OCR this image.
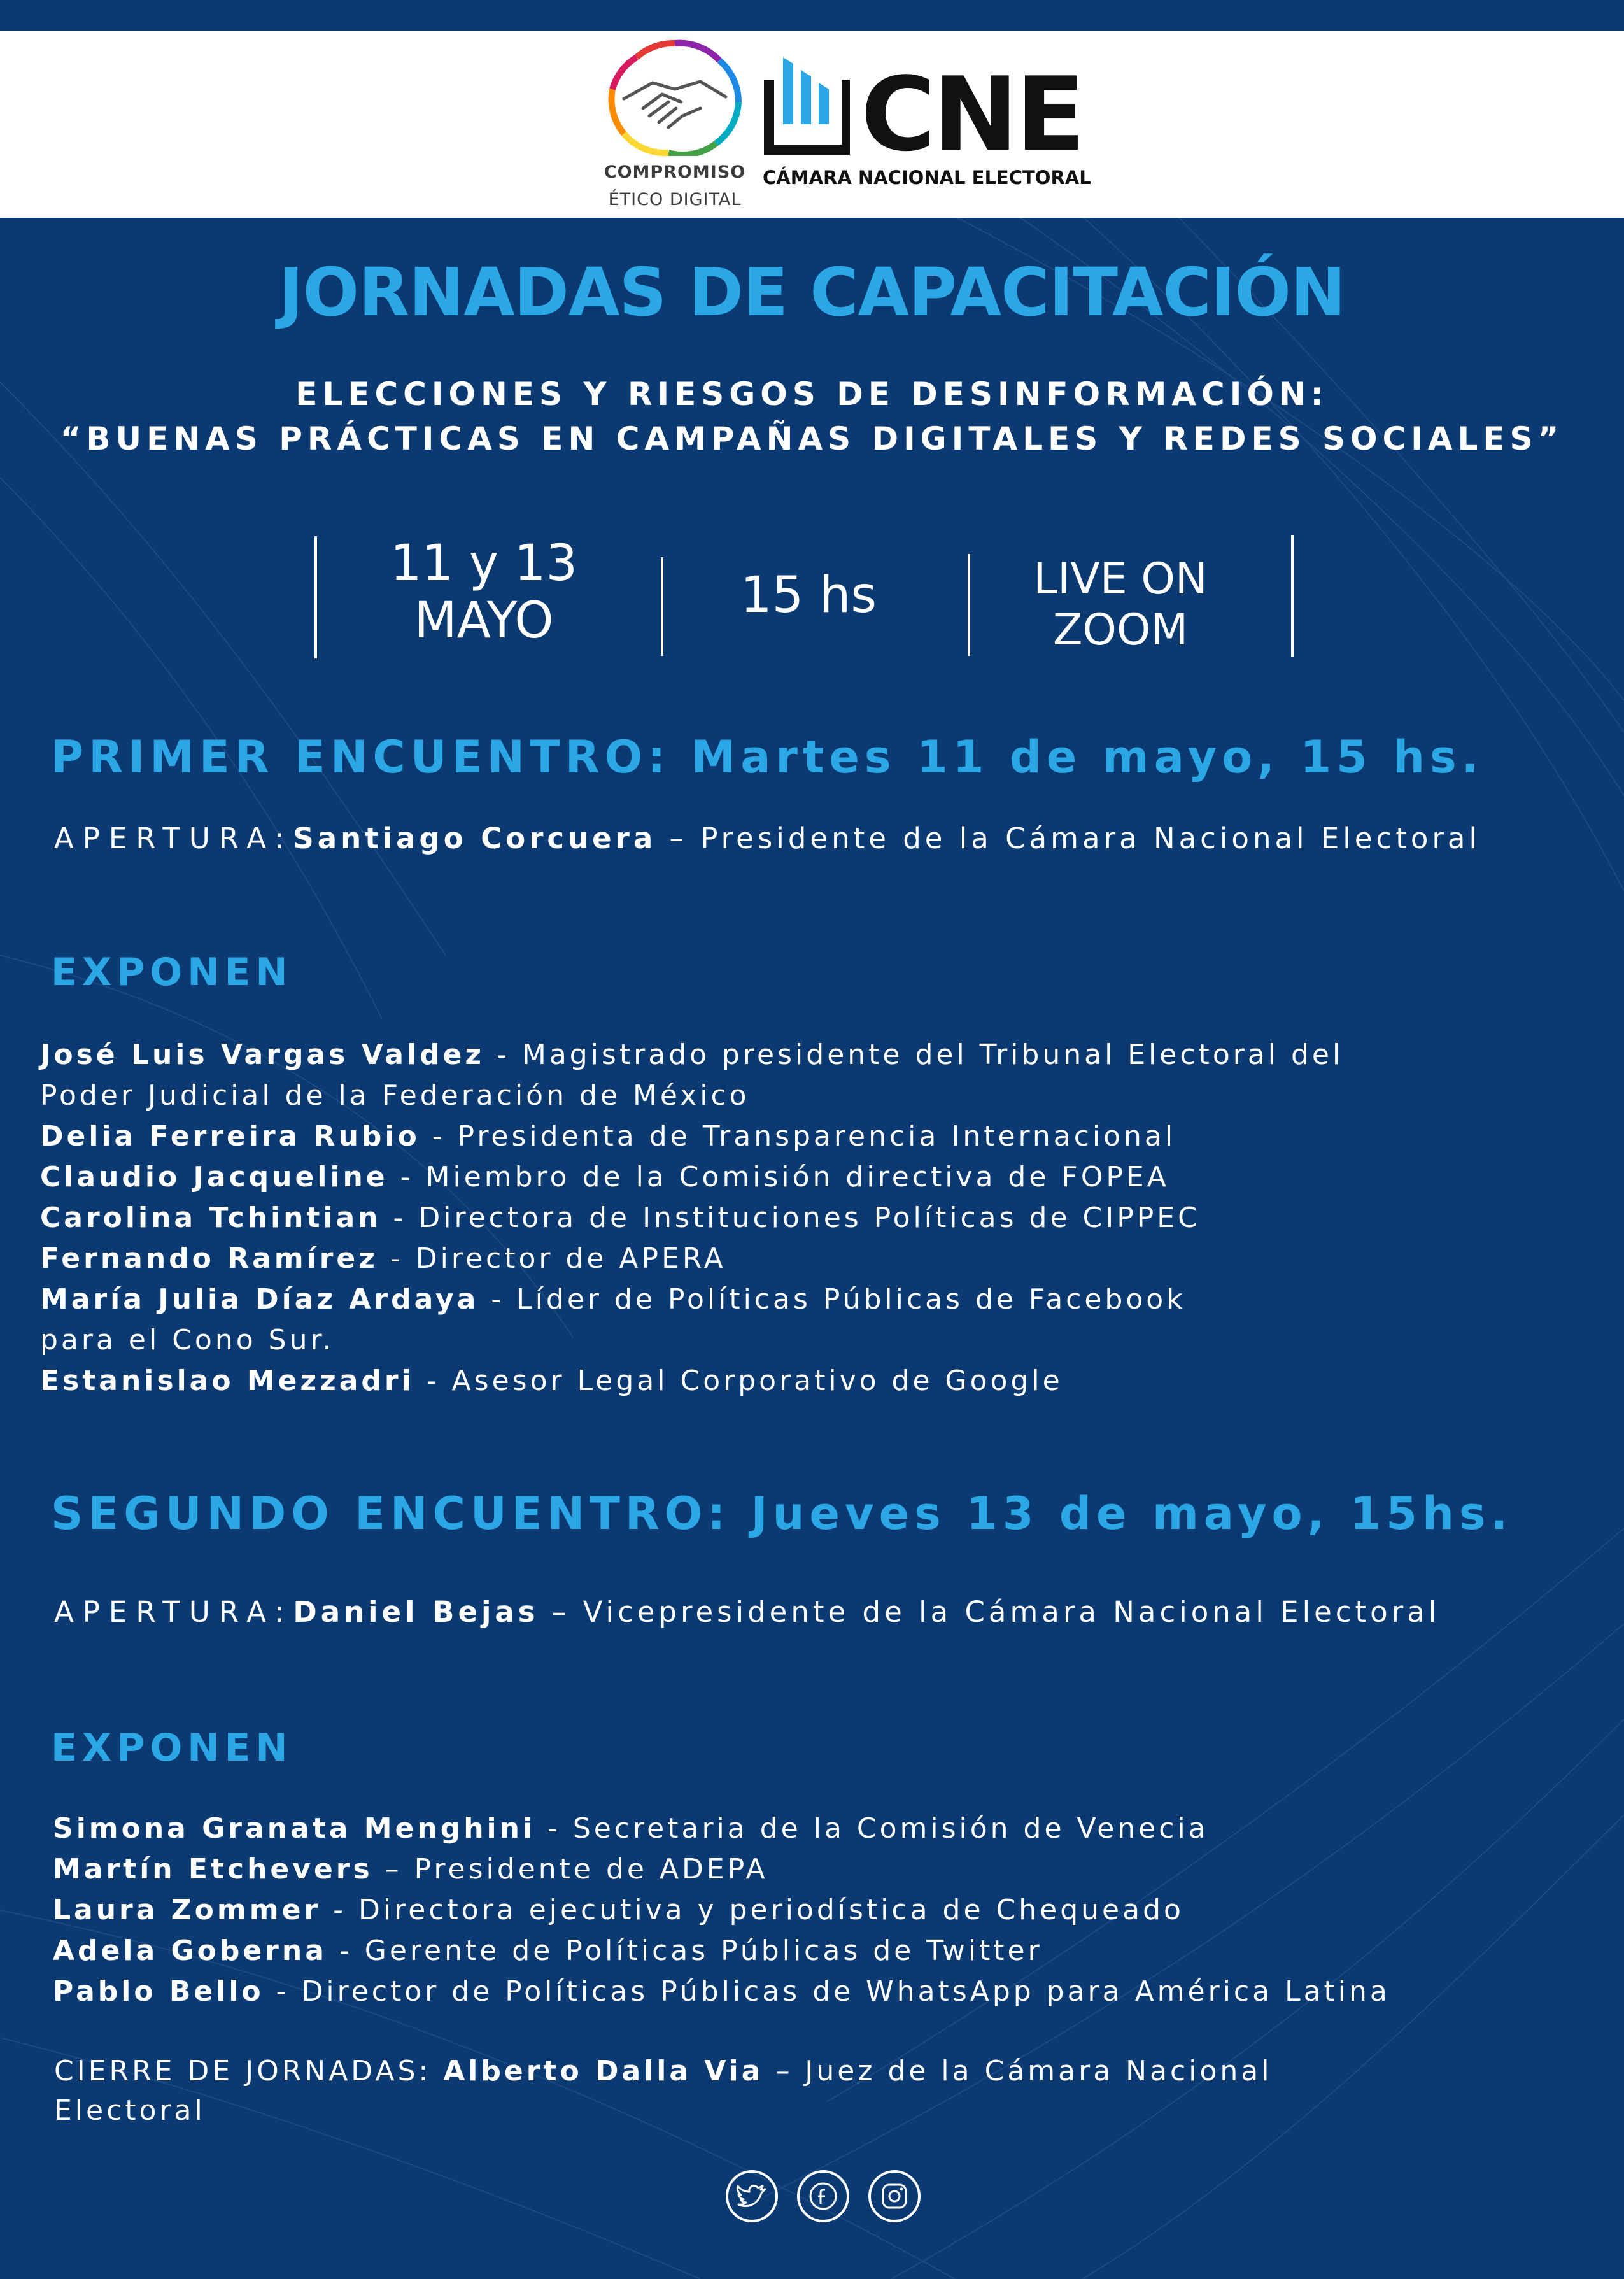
COMPROMISO
ÉTICO DIGITAL
CNE
CÁMARA NACIONAL ELECTORAL
JORNADAS DE CAPACITACIÓN
ELECCIONES Y RIESGOS DE DESINFORMACIÓN:
“BUENAS PRÁCTICAS EN CAMPAÑAS DIGITALES Y REDES SOCIALES”
11 y 13
MAYO	15 hs	LIVE ON
ZOOM
PRIMER ENCUENTRO: Martes 11 de mayo, 15 hs.
APERTURA:Santiago Corcuera – Presidente de la Cámara Nacional Electoral
EXPONEN
José Luis Vargas Valdez - Magistrado presidente del Tribunal Electoral del
Poder Judicial de la Federación de México
Delia Ferreira Rubio - Presidenta de Transparencia Internacional
Claudio Jacqueline - Miembro de la Comisión directiva de FOPEA
Carolina Tchintian - Directora de Instituciones Políticas de CIPPEC
Fernando Ramírez - Director de APERA
María Julia Díaz Ardaya - Líder de Políticas Públicas de Facebook
para el Cono Sur.
Estanislao Mezzadri - Asesor Legal Corporativo de Google
SEGUNDO ENCUENTRO: Jueves 13 de mayo, 15hs.
APERTURA:Daniel Bejas – Vicepresidente de la Cámara Nacional Electoral
EXPONEN
Simona Granata Menghini - Secretaria de la Comisión de Venecia
Martín Etchevers – Presidente de ADEPA
Laura Zommer - Directora ejecutiva y periodística de Chequeado
Adela Goberna - Gerente de Políticas Públicas de Twitter
Pablo Bello - Director de Políticas Públicas de WhatsApp para América Latina
CIERRE DE JORNADAS: Alberto Dalla Via – Juez de la Cámara Nacional
Electoral
